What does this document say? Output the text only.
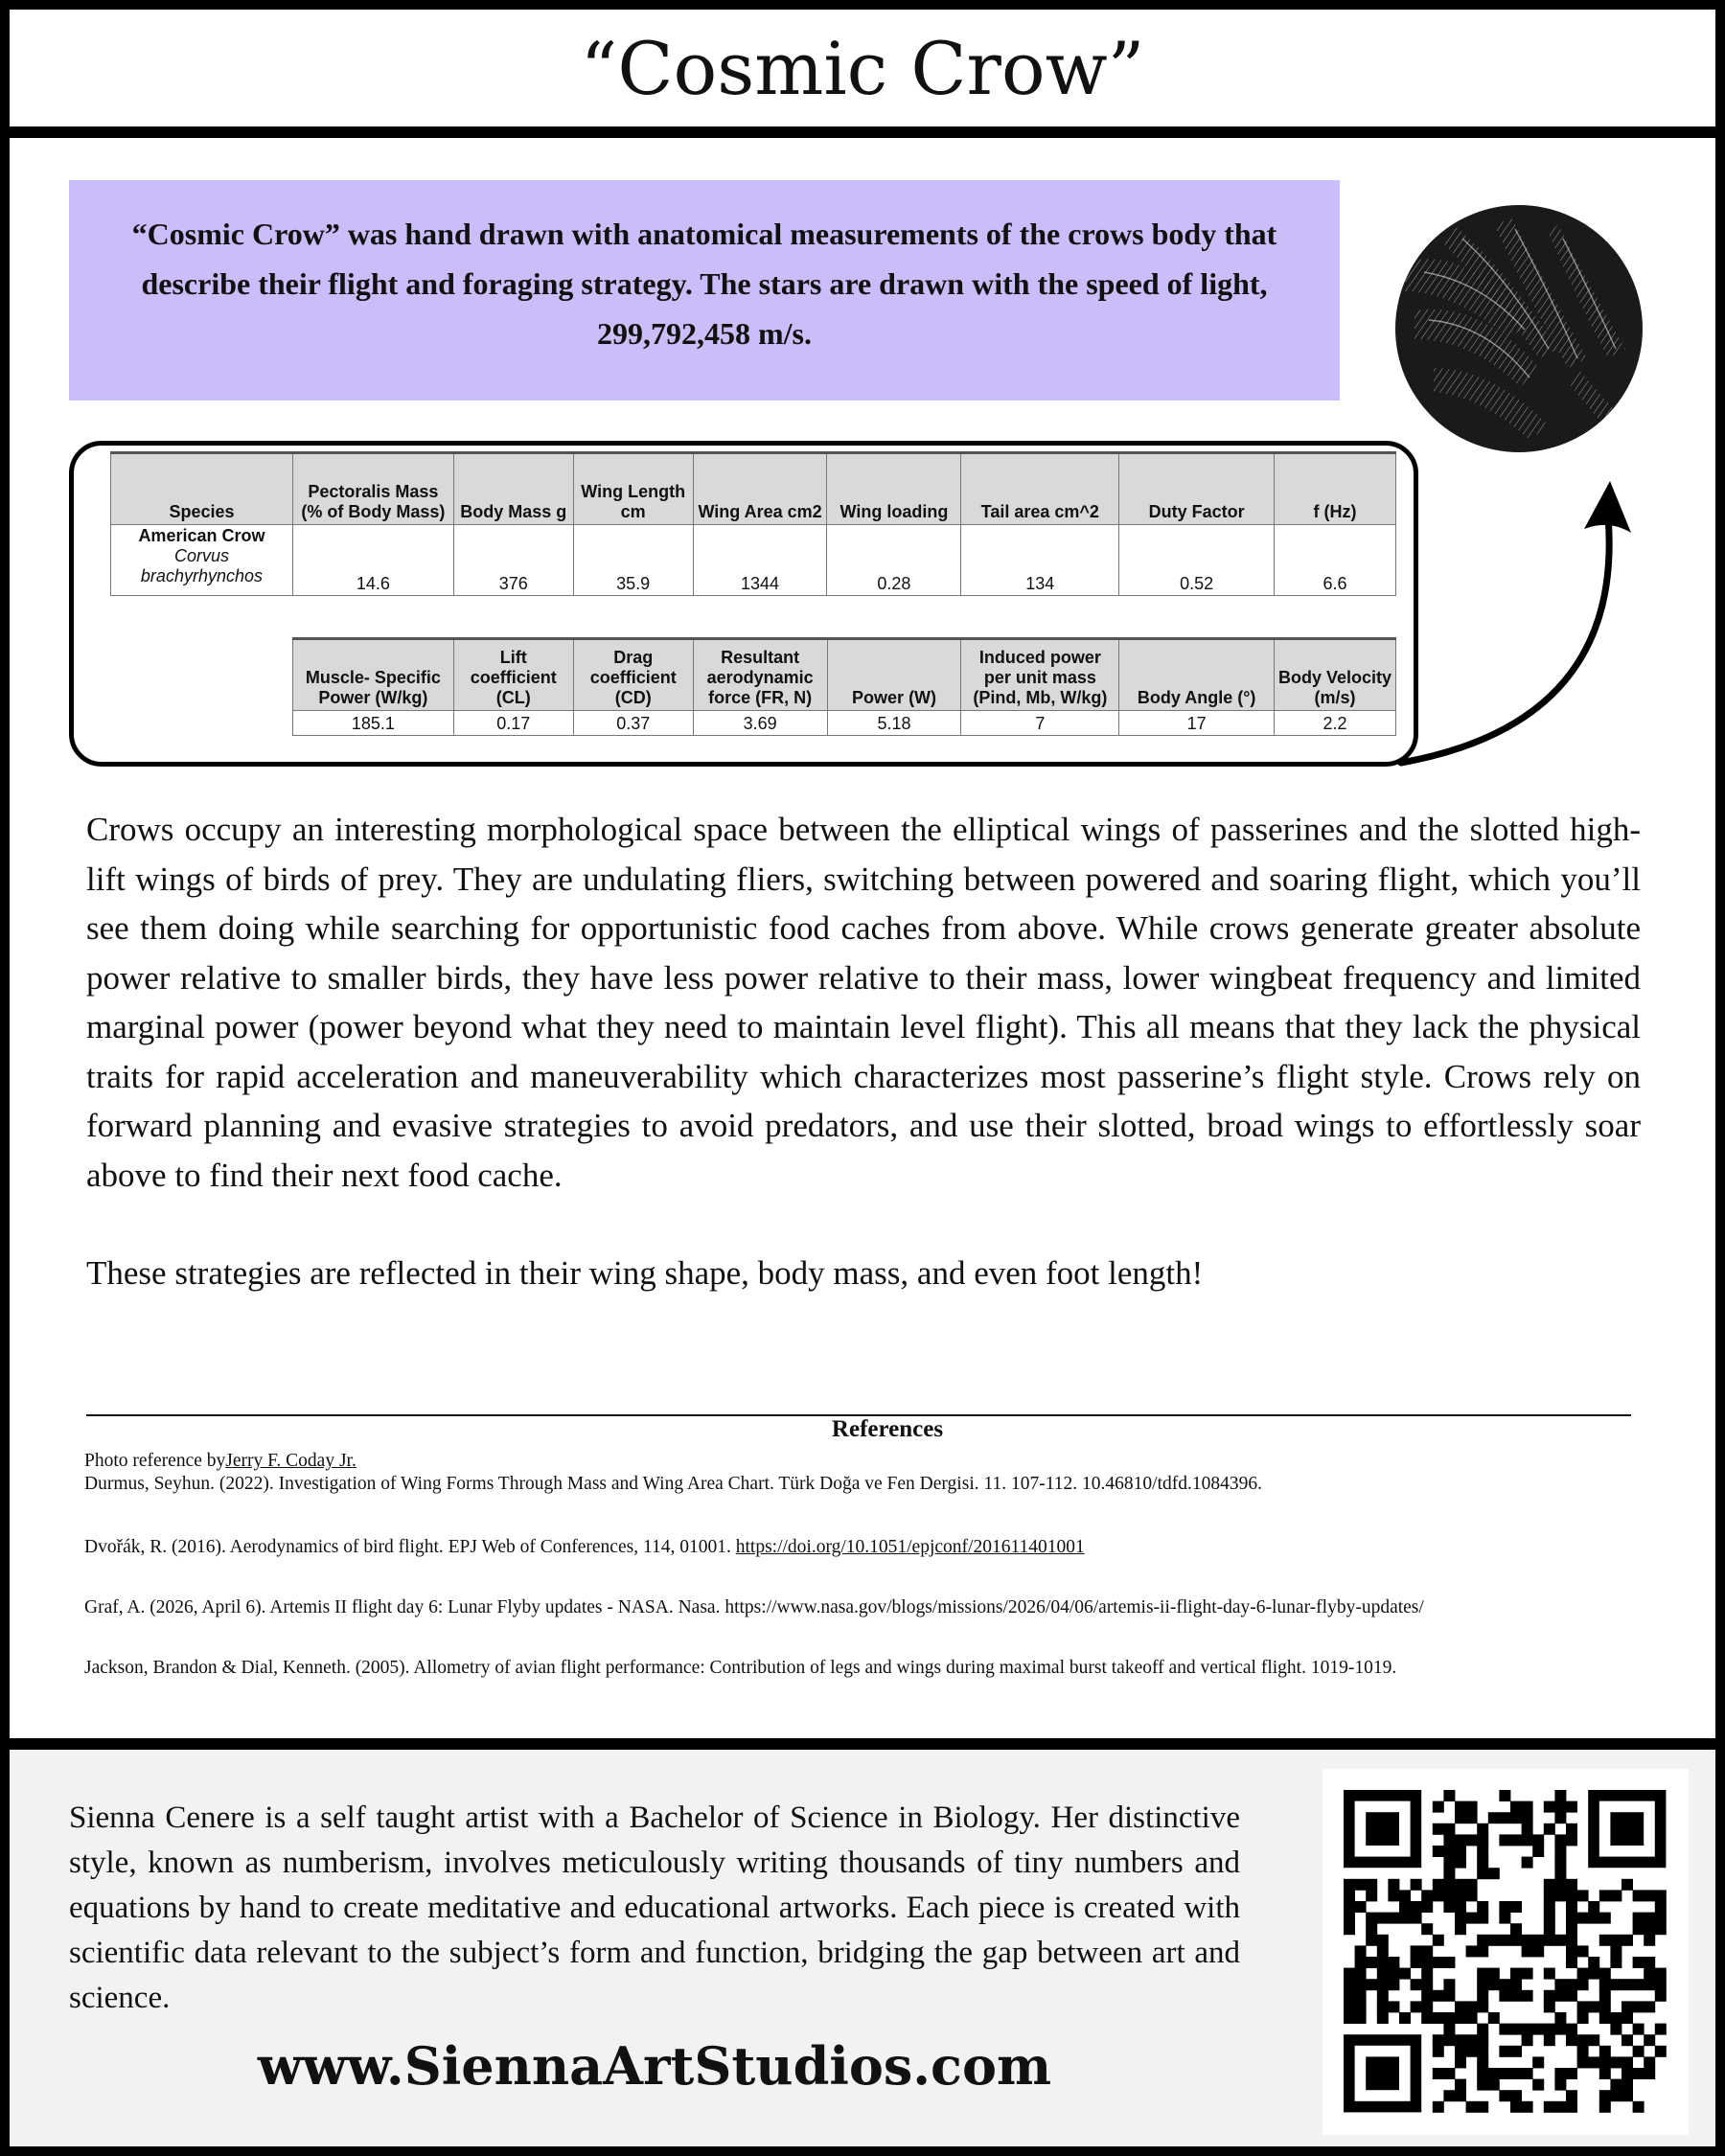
“Cosmic Crow”
“Cosmic Crow” was hand drawn with anatomical measurements of the crows body that describe their flight and foraging strategy. The stars are drawn with the speed of light, 299,792,458 m/s.
Species	Pectoralis Mass (% of Body Mass)	Body Mass g	Wing Length cm	Wing Area cm2	Wing loading	Tail area cm^2	Duty Factor	f (Hz)

American Crow
Corvus brachyrhynchos	14.6	376	35.9	1344	0.28	134	0.52	6.6
Muscle- Specific Power (W/kg)	Lift coefficient (CL)	Drag coefficient (CD)	Resultant aerodynamic force (FR, N)	Power (W)	Induced power per unit mass (Pind, Mb, W/kg)	Body Angle (°)	Body Velocity (m/s)
185.1	0.17	0.37	3.69	5.18	7	17	2.2

Crows occupy an interesting morphological space between the elliptical wings of passerines and the slotted high-lift wings of birds of prey. They are undulating fliers, switching between powered and soaring flight, which you’ll see them doing while searching for opportunistic food caches from above. While crows generate greater absolute power relative to smaller birds, they have less power relative to their mass, lower wingbeat frequency and limited marginal power (power beyond what they need to maintain level flight). This all means that they lack the physical traits for rapid acceleration and maneuverability which characterizes most passerine’s flight style. Crows rely on forward planning and evasive strategies to avoid predators, and use their slotted, broad wings to effortlessly soar above to find their next food cache.

These strategies are reflected in their wing shape, body mass, and even foot length!

References
Photo reference byJerry F. Coday Jr.
Durmus, Seyhun. (2022). Investigation of Wing Forms Through Mass and Wing Area Chart. Türk Doğa ve Fen Dergisi. 11. 107-112. 10.46810/tdfd.1084396.
Dvořák, R. (2016). Aerodynamics of bird flight. EPJ Web of Conferences, 114, 01001. https://doi.org/10.1051/epjconf/201611401001
Graf, A. (2026, April 6). Artemis II flight day 6: Lunar Flyby updates - NASA. Nasa. https://www.nasa.gov/blogs/missions/2026/04/06/artemis-ii-flight-day-6-lunar-flyby-updates/
Jackson, Brandon & Dial, Kenneth. (2005). Allometry of avian flight performance: Contribution of legs and wings during maximal burst takeoff and vertical flight. 1019-1019.
Sienna Cenere is a self taught artist with a Bachelor of Science in Biology. Her distinctive style, known as numberism, involves meticulously writing thousands of tiny numbers and equations by hand to create meditative and educational artworks. Each piece is created with scientific data relevant to the subject’s form and function, bridging the gap between art and science.
www.SiennaArtStudios.com
